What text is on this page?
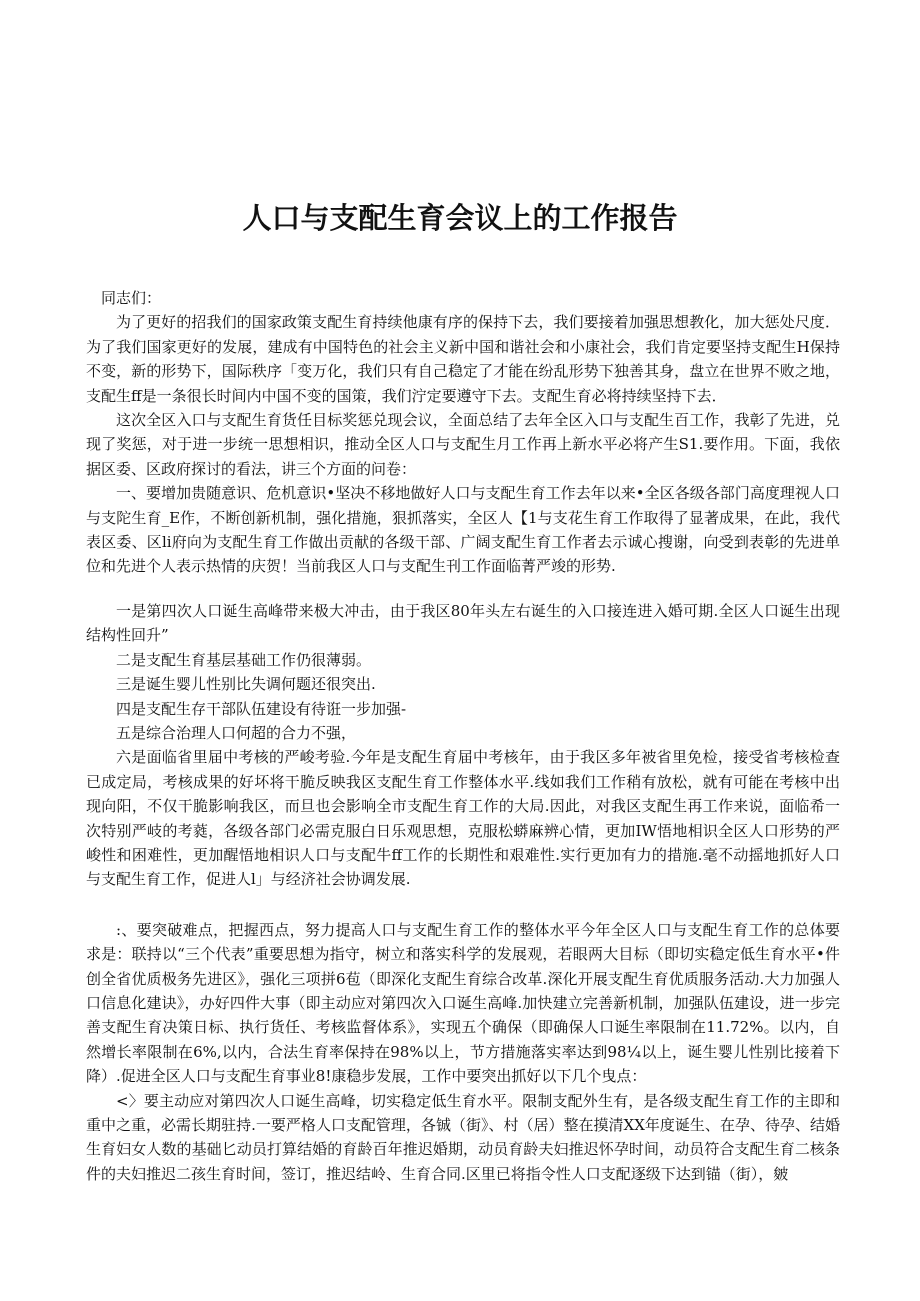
人口与支配生育会议上的工作报告

同志们：

为了更好的招我们的国家政策支配生育持续他康有序的保持下去，我们要接着加强思想教化，加大惩处尺度．为了我们国家更好的发展，建成有中国特色的社会主义新中国和谐社会和小康社会，我们肯定要坚持支配生H保持不变，新的形势下，国际秩序「变万化，我们只有自己稳定了才能在纷乱形势下独善其身，盘立在世界不败之地，支配生ff是一条很长时间内中国不变的国策，我们泞定要遵守下去。支配生育必将持续坚持下去．

这次全区入口与支配生育货任目标奖惩兑现会议，全面总结了去年全区入口与支配生百工作，我彰了先进，兑现了奖惩，对于进一步统一思想相识，推动全区人口与支配生月工作再上新水平必将产生S1.要作用。下面，我依据区委、区政府探讨的看法，讲三个方面的问卷：

一、要增加贵随意识、危机意识•坚决不移地做好人口与支配生育工作去年以来•全区各级各部门高度理视人口与支陀生育_E作，不断创新机制，强化措施，狠抓落实，全区人【1与支花生育工作取得了显著成果，在此，我代表区委、区li府向为支配生育工作做出贡献的各级干部、广阔支配生育工作者去示诚心搜谢，向受到表彰的先进单位和先进个人表示热情的庆贺！当前我区人口与支配生刊工作面临菁严竣的形势.

一是第四次人口诞生高峰带来极大冲击，由于我区80年头左右诞生的入口接连进入婚可期.全区人口诞生出现结构性回升”

二是支配生育基层基础工作仍很薄弱。

三是诞生婴儿性别比失调何题还很突出.

四是支配生存干部队伍建设有待诳一步加强-

五是综合治理人口何超的合力不强，

六是面临省里届中考核的严峻考验.今年是支配生育届中考核年，由于我区多年被省里免检，接受省考核检查已成定局，考核成果的好坏将干脆反映我区支配生育工作整体水平.线如我们工作稍有放松，就有可能在考核中出现向阳，不仅干脆影响我区，而旦也会影响全市支配生育工作的大局.因此，对我区支配生再工作来说，面临希一次特别严岐的考蕤，各级各部门必需克服白日乐观思想，克服松蟒麻辨心情，更加IW悟地相识全区人口形势的严峻性和困难性，更加醒悟地相识人口与支配牛ff工作的长期性和艰难性.实行更加有力的措施.毫不动摇地抓好人口与支配生育工作，促进人l」与经济社会协调发展.

:、要突破难点，把握西点，努力提高人口与支配生育工作的整体水平今年全区人口与支配生育工作的总体要求是：联持以“三个代表”重要思想为指守，树立和落实科学的发展观，若眼两大目标（即切实稳定低生育水平•件创全省优质极务先进区》，强化三项拼6苞（即深化支配生育综合改革.深化开展支配生育优质服务活动.大力加强人口信息化建诀》，办好四件大事（即主动应对第四次入口诞生高峰.加快建立完善新机制，加强队伍建设，进一步完善支配生育决策日标、执行货任、考核监督体系》，实现五个确保（即确保人口诞生率限制在11.72%。以内，自然增长率限制在6%,以内，合法生育率保持在98%以上，节方措施落实率达到98¼以上，诞生婴儿性别比接着下降）.促进全区人口与支配生育事业8!康稳步发展，工作中要突出抓好以下几个曳点：

<〉要主动应对第四次人口诞生高峰，切实稳定低生育水平。限制支配外生有，是各级支配生育工作的主即和重中之重，必需长期驻持.一要严格人口支配管理，各铖（街》、村（居）整在摸清XX年度诞生、在孕、待孕、结婚生育妇女人数的基础匕动员打算结婚的育龄百年推迟婚期，动员育龄夫妇推迟怀孕时间，动员符合支配生育二核条件的夫妇推迟二孩生育时间，签订，推迟结岭、生育合同.区里已将指令性人口支配逐级下达到锚（街），皴
